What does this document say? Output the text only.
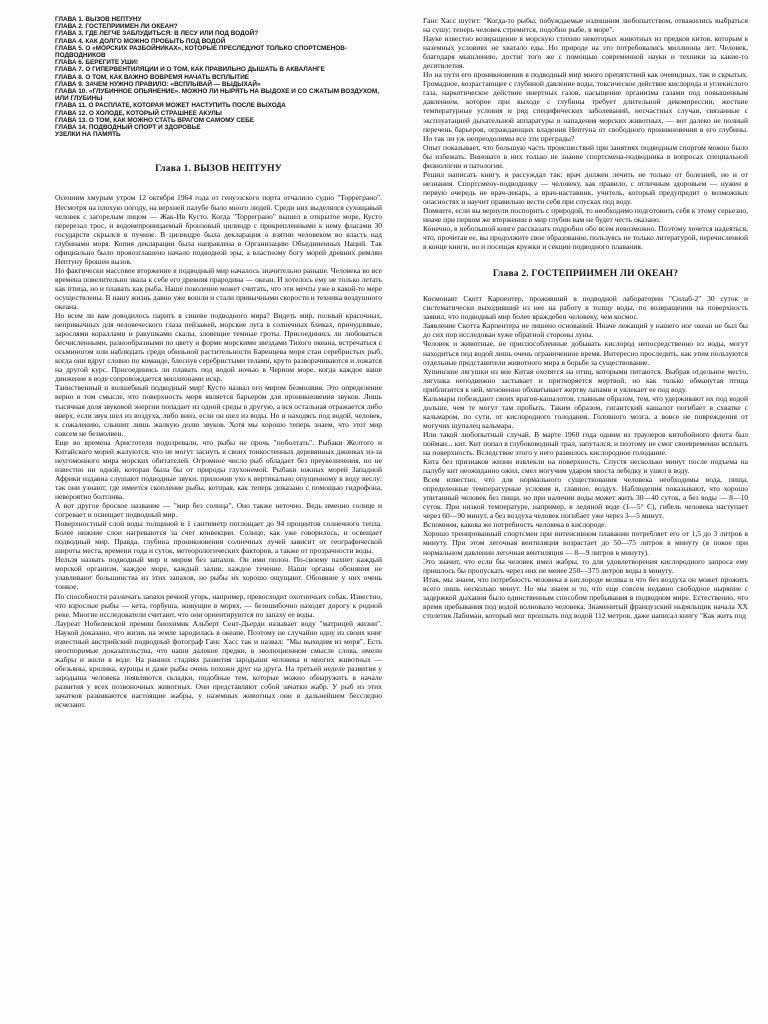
ГЛАВА 1. ВЫЗОВ НЕПТУНУ
ГЛАВА 2. ГОСТЕПРИИМЕН ЛИ ОКЕАН?
ГЛАВА 3. ГДЕ ЛЕГЧЕ ЗАБЛУДИТЬСЯ: В ЛЕСУ ИЛИ ПОД ВОДОЙ?
ГЛАВА 4. КАК ДОЛГО МОЖНО ПРОБЫТЬ ПОД ВОДОЙ
ГЛАВА 5. О «МОРСКИХ РАЗБОЙНИКАХ», КОТОРЫЕ ПРЕСЛЕДУЮТ ТОЛЬКО СПОРТСМЕНОВ-ПОДВОДНИКОВ
ГЛАВА 6. БЕРЕГИТЕ УШИ!
ГЛАВА 7. О ГИПЕРВЕНТИЛЯЦИИ И О ТОМ, КАК ПРАВИЛЬНО ДЫШАТЬ В АКВАЛАНГЕ
ГЛАВА 8. О ТОМ, КАК ВАЖНО ВОВРЕМЯ НАЧАТЬ ВСПЛЫТИЕ
ГЛАВА 9. ЗАЧЕМ НУЖНО ПРАВИЛО: «ВСПЛЫВАЙ — ВЫДЫХАЙ»
ГЛАВА 10. «ГЛУБИННОЕ ОПЬЯНЕНИЕ». МОЖНО ЛИ НЫРЯТЬ НА ВЫДОХЕ И СО СЖАТЫМ ВОЗДУХОМ, ИЛИ ГЛУБИНЫ
ГЛАВА 11. О РАСПЛАТЕ, КОТОРАЯ МОЖЕТ НАСТУПИТЬ ПОСЛЕ ВЫХОДА
ГЛАВА 12. О ХОЛОДЕ, КОТОРЫЙ СТРАШНЕЕ АКУЛЫ
ГЛАВА 13. О ТОМ, КАК МОЖНО СТАТЬ ВРАГОМ САМОМУ СЕБЕ
ГЛАВА 14. ПОДВОДНЫЙ СПОРТ И ЗДОРОВЬЕ
УЗЕЛКИ НА ПАМЯТЬ
Глава 1. ВЫЗОВ НЕПТУНУ

Осенним хмурым утром 12 октября 1964 года от генуэзского порта отчалило судно "Торреграно". Несмотря на плохую погоду, на верхней палубе было много людей. Среди них выделялся сухощавый человек с загорелым лицом — Жак-Ив Кусто. Когда "Торреграно" вышел в открытое море, Кусто перерезал трос, и водонепроницаемый бронзовый цилиндр с прикрепленными к нему флагами 30 государств скрылся в пучине. В цилиндре была декларация о взятии человеком во власть над глубинами моря. Копия декларации была направлена в Организацию Объединенных Наций. Так официально было провозглашено начало подводной эры, а властному богу морей древних римлян Нептуну брошен вызов.

Но фактически массовое вторжение в подводный мир началось значительно раньше. Человека во все времена повелительно звала к себе его древняя прародина — океан. И хотелось ему не только летать как птица, но и плавать как рыба. Наше поколение может считать, что эти мечты уже в какой-то мере осуществлены. В нашу жизнь давно уже вошли и стали привычными скорости и техника воздушного океана.

Но всем ли вам доводилось парить в синеве подводного мира? Видеть мир, полный красочных, непривычных для человеческого глаза пейзажей, морские луга в солнечных бликах, причудливые, зарослями кораллами и ракушками скалы, зловещие темные гроты. Присоединись ли любоваться бесчисленными, разнообразными по цвету и форме морскими звездами Тихого океана, встречаться с осьминогом или наблюдать среди обильной растительности Баренцева моря стаи серебристых рыб, когда они вдруг словно по команде, блеснув серебристыми телами, круто разворачиваются и ложатся на другой курс. Присоединись ли плавать под водой ночью в Черном море, когда каждое ваше движение в воде сопровождается миллионами искр.

Таинственный и волшебный подводный мир! Кусто назвал его миром безмолвия. Это определение верно в том смысле, что поверхность моря является барьером для проникновения звуков. Лишь тысячная доля звуковой энергии попадает из одной среды в другую, а вся остальная отражается либо вверх, если звук шел из воздуха, либо вниз, если он шел из воды. Но и находясь под водой, человек, к сожалению, слышит лишь жалкую долю звуков. Хотя мы хорошо теперь знаем, что этот мир совсем не безмолвен.

Еще во времена Аристотеля подозревали, что рыбы не прочь "поболтать". Рыбаки Желтого и Китайского морей жалуются, что не могут заснуть в своих тонкостенных деревянных джонках из-за неугомонного мира морских обитателей. Огромное число рыб обладает без преувеличения, но не известно ни одной, которая была бы от природы глухонемой. Рыбаки южных морей Западной Африки издавна слушают подводные звуки, приложив ухо к вертикально опущенному в воду веслу: так они узнают, где имеется скопление рыбы, которая, как теперь доказано с помощью гидрофона, невероятно болтлива.

А вот другое броское название — "мир без солнца". Оно также неточно. Ведь именно солнце и согревает и освещает подводный мир.

Поверхностный слой воды толщиной в 1 сантиметр поглощает до 94 процентов солнечного тепла. Более нижние слои нагреваются за счет конвекции. Солнце, как уже говорилось, и освещает подводный мир. Правда, глубина проникновения солнечных лучей зависит от географической широты места, времени года и суток, метеорологических факторов, а также от прозрачности воды.

Нельзя назвать подводный мир и миром без запахов. Он ими полон. По-своему пахнет каждый морской организм, каждое море, каждый залив, каждое течение. Наши органы обоняния не улавливают большинства из этих запахов, но рыбы их хорошо ощущают. Обоняние у них очень тонкое.

По способности различать запахи речной угорь, например, превосходит охотничьих собак. Известно, что взрослые рыбы — кета, горбуша, живущие в морях, — безошибочно находят дорогу к родной реке. Многие исследователи считают, что они ориентируются по запаху ее воды.

Лауреат Нобелевской премии биохимик Альберт Сент-Дьерди называет воду "матрицей жизни". Наукой доказано, что жизнь на земле зародилась в океане. Поэтому не случайно одну из своих книг известный австрийский подводный фотограф Ганс Хасс так и назвал: "Мы выходим из моря". Есть неоспоримые доказательства, что наши далекие предки, в эволюционном смысле слова, имели жабры и жили в воде. На ранних стадиях развития зародыши человека и многих животных — обезьяны, кролика, курицы и даже рыбы очень похожи друг на друга. На третьей неделе развития у зародыша человека появляются складки, подобные тем, которые можно обнаружить в начале развития у всех позвоночных животных. Они представляют собой зачатки жабр. У рыб из этих зачатков развиваются настоящие жабры, у наземных животных они в дальнейшем бесследно исчезают.

Ганс Хасс шутит: "Когда-то рыбы, побуждаемые излишним любопытством, отважились выбраться на сушу; теперь человек стремится, подобно рыбе, в море".

Науке известно возвращение в морскую стихию некоторых животных из предков китов, которым в наземных условиях не хватало еды. Но природе на это потребовались миллионы лет. Человек, благодаря мышлению, достиг того же с помощью современной науки и техники за какие-то десятилетия.

Но на пути его проникновения в подводный мир много препятствий как очевидных, так и скрытых. Громадное, возрастающее с глубиной давление воды, токсическое действие кислорода и углекислого газа, наркотическое действие инертных газов, насыщение организма газами под повышенным давлением, которое при выходе с глубины требует длительной декомпрессии, жесткие температурные условия и ряд специфических заболеваний, несчастных случаи, связанные с эксплуатацией дыхательной аппаратуры и нападения морских животных, — вот далеко не полный перечень барьеров, ограждающих владения Нептуна от свободного проникновения в его глубины. Но так ли уж непреодолимы все эти преграды?

Опыт показывает, что большую часть происшествий при занятиях подводным спортом можно было бы избежать. Виновато в них только не знание спортсмена-подводника в вопросах специальной физиологии и патологии.

Решил написать книгу, я рассуждал так: врач должен лечить не только от болезней, но и от незнания. Спортсмену-подводнику — человеку, как правило, с отличным здоровьем — нужен в первую очередь не врач-лекарь, а врач-наставник, учитель, который предупредит о возможных опасностях и научит правильно вести себя при спусках под воду.

Помните, если вы вернули поспорить с природой, то необходимо подготовить себя к этому серьезно, иначе при первом же вторжении в мир глубин вам не будет честь оказано.

Конечно, в небольшой книге рассказать подробно обо всем невозможно. Поэтому хочется надеяться, что, прочитав ее, вы продолжите свое образование, пользуясь не только литературой, перечисленной в конце книги, но и посещая кружки и секции подводного плавания.

Глава 2. ГОСТЕПРИИМЕН ЛИ ОКЕАН?

Космонавт Скотт Карпентер, проживший в подводной лаборатории "Силаб-2" 30 суток и систематически выходивший из нее на работу в толщу воды, по возвращении на поверхность заявил, что подводный мир более враждебен человеку, чем космос.

Заявление Скотта Карпентера не лишено оснований. Иначе лежащий у нашего ног океан не был бы до сих пор исследован хуже обратной стороны луны.

Человек и животные, не приспособленные добывать кислород непосредственно из воды, могут находиться под водой лишь очень ограниченное время. Интересно проследить, как этим пользуются отдельные представители животного мира в борьбе за существование.

Хупинские лягушки из вне Китая охотятся на птиц, которыми питаются. Выбрав отдельное место, лягушка неподвижно застывает и притворяется мертвой, но как только обманутая птица приблизится к ней, мгновенно обхватывает жертву лапами и увлекает ее под воду.

Кальмары побеждают своих врагов-кашалотов, главным образом, тем, что удерживают их под водой дольше, чем те могут там пробыть. Таким образом, гигантский кашалот погибает в схватке с кальмаром, по сути, от кислородного голодания. Головного мозга, а вовсе не повреждения от могучих щупалец кальмара.

Или такой любопытный случай. В марте 1960 года одним из траулеров китобойного флота был пойман... кит. Кит попал в глубоководный трал, запутался, и поэтому не смог своевременно всплыть на поверхность. Вследствие этого у него развилось кислородное голодание.

Кита без признаков жизни извлекли на поверхность. Спустя несколько минут после подъема на палубу кит неожиданно ожил, смел могучим ударом хвоста лебедку и ушел в воду.

Всем известно, что для нормального существования человека необходимы вода, пища, определенные температурные условия и, главное, воздух. Наблюдения показывают, что хорошо упитанный человек без пищи, но при наличии воды может жить 30—40 суток, а без воды — 8—10 суток. При низкой температуре, например, в ледяной воде (1—5° С), гибель человека наступает через 60—90 минут, а без воздуха человек погибает уже через 3—5 минут.

Вспомним, какова же потребность человека в кислороде.

Хорошо тренированный спортсмен при интенсивном плавании потребляет его от 1,5 до 3 литров в минуту. При этом легочная вентиляция возрастает до 50—75 литров в минуту (в покое при нормальном давлении легочная вентиляция — 8—9 литров в минуту).

Это значит, что если бы человек имел жабры, то для удовлетворения кислородного запроса ему пришлось бы пропускать через них не менее 250—375 литров воды в минуту.

Итак, мы знаем, что потребность человека в кислороде велика и что без воздуха он может прожить всего лишь несколько минут. Но мы знаем и то, что еще совсем недавно свободное ныряние с задержкой дыхания было единственным способом пребывания в подводном мире. Естественно, что время пребывания под водой волновало человека. Знаменитый французский ныряльщик начала XX столетия Лабиман, который мог проплыть под водой 112 метров, даже написал книгу "Как жить под
